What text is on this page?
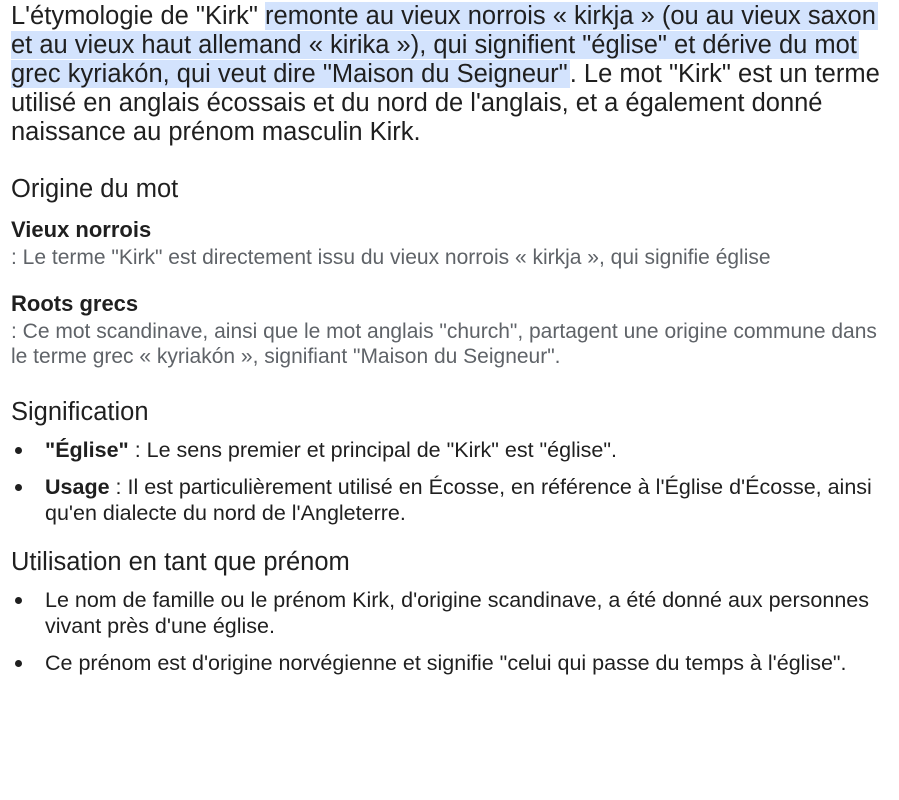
L'étymologie de "Kirk" remonte au vieux norrois « kirkja » (ou au vieux saxon et au vieux haut allemand « kirika »), qui signifient "église" et dérive du mot grec kyriakón, qui veut dire "Maison du Seigneur". Le mot "Kirk" est un terme utilisé en anglais écossais et du nord de l'anglais, et a également donné naissance au prénom masculin Kirk.

Origine du mot
Vieux norrois

: Le terme "Kirk" est directement issu du vieux norrois « kirkja », qui signifie église

Roots grecs

: Ce mot scandinave, ainsi que le mot anglais "church", partagent une origine commune dans le terme grec « kyriakón », signifiant "Maison du Seigneur".

Signification
"Église" : Le sens premier et principal de "Kirk" est "église".
Usage : Il est particulièrement utilisé en Écosse, en référence à l'Église d'Écosse, ainsi qu'en dialecte du nord de l'Angleterre.
Utilisation en tant que prénom
Le nom de famille ou le prénom Kirk, d'origine scandinave, a été donné aux personnes vivant près d'une église.
Ce prénom est d'origine norvégienne et signifie "celui qui passe du temps à l'église".
